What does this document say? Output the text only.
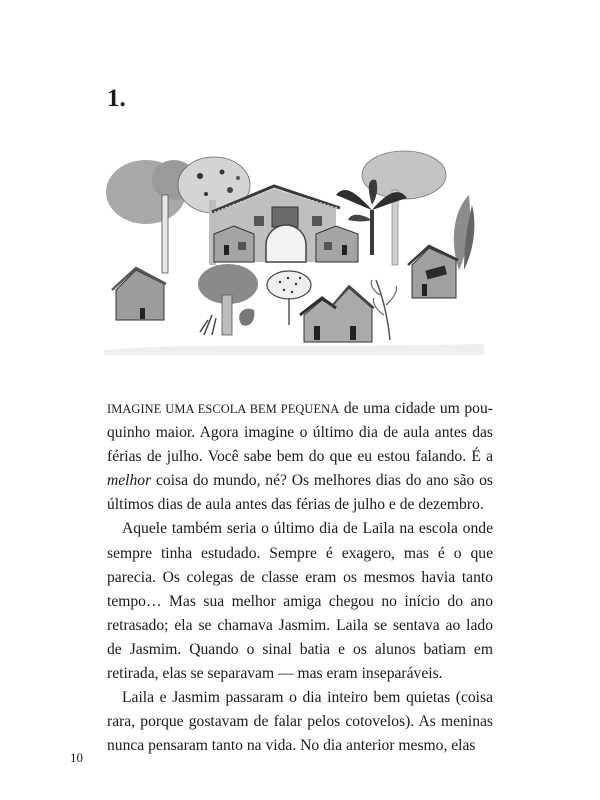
1.

IMAGINE UMA ESCOLA BEM PEQUENA de uma cidade um pouquinho maior. Agora imagine o último dia de aula antes das férias de julho. Você sabe bem do que eu estou falando. É a melhor coisa do mundo, né? Os melhores dias do ano são os últimos dias de aula antes das férias de julho e de dezembro.

Aquele também seria o último dia de Laila na escola onde sempre tinha estudado. Sempre é exagero, mas é o que parecia. Os colegas de classe eram os mesmos havia tanto tempo… Mas sua melhor amiga chegou no início do ano retrasado; ela se chamava Jasmim. Laila se sentava ao lado de Jasmim. Quando o sinal batia e os alunos batiam em retirada, elas se separavam — mas eram inseparáveis.

Laila e Jasmim passaram o dia inteiro bem quietas (coisa rara, porque gostavam de falar pelos cotovelos). As meninas nunca pensaram tanto na vida. No dia anterior mesmo, elas

10
